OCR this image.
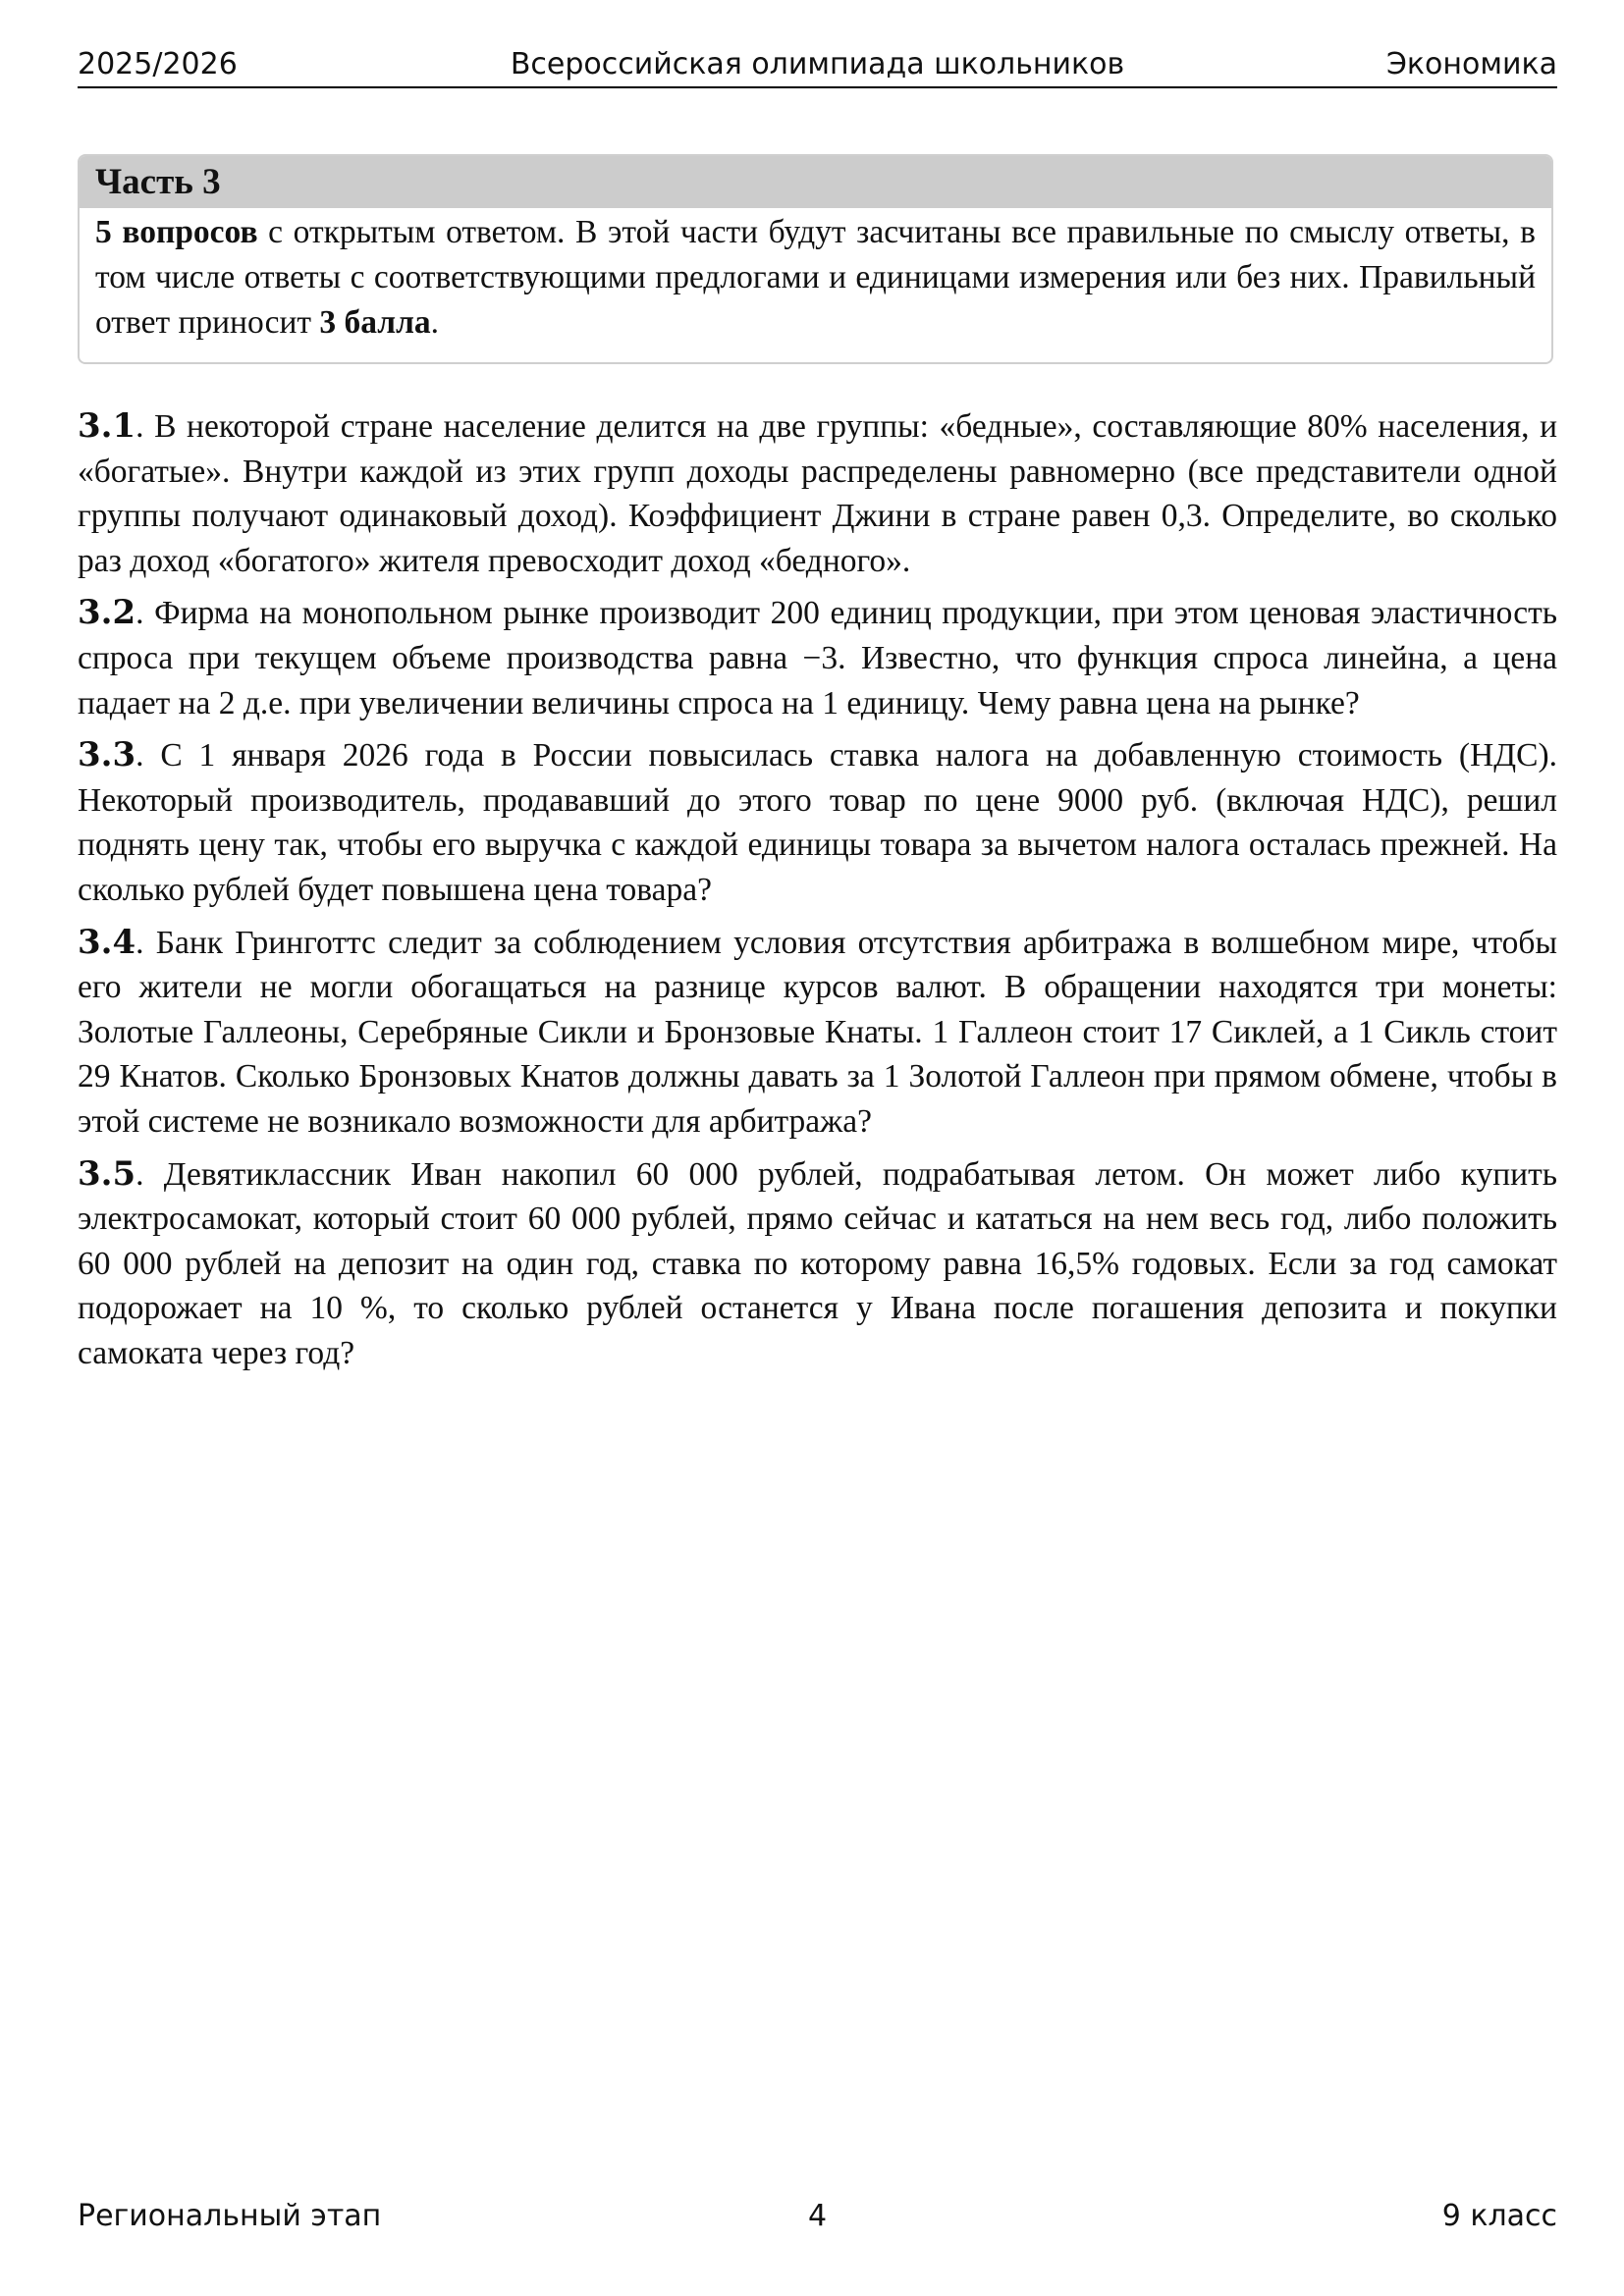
2025/2026	Всероссийская олимпиада школьников	Экономика
Часть 3
5 вопросов с открытым ответом. В этой части будут засчитаны все правильные по смыслу ответы, в том числе ответы с соответствующими предлогами и единицами измерения или без них. Правильный ответ приносит 3 балла.

3.1. В некоторой стране население делится на две группы: «бедные», составляющие 80% населения, и «богатые». Внутри каждой из этих групп доходы распределены равномерно (все представители одной группы получают одинаковый доход). Коэффициент Джини в стране равен 0,3. Определите, во сколько раз доход «богатого» жителя превосходит доход «бедного».

3.2. Фирма на монопольном рынке производит 200 единиц продукции, при этом ценовая эластичность спроса при текущем объеме производства равна −3. Известно, что функция спроса линейна, а цена падает на 2 д.е. при увеличении величины спроса на 1 единицу. Чему равна цена на рынке?

3.3. С 1 января 2026 года в России повысилась ставка налога на добавленную стоимость (НДС). Некоторый производитель, продававший до этого товар по цене 9000 руб. (включая НДС), решил поднять цену так, чтобы его выручка с каждой единицы товара за вычетом налога осталась прежней. На сколько рублей будет повышена цена товара?

3.4. Банк Гринготтс следит за соблюдением условия отсутствия арбитража в волшебном мире, чтобы его жители не могли обогащаться на разнице курсов валют. В обращении находятся три монеты: Золотые Галлеоны, Серебряные Сикли и Бронзовые Кнаты. 1 Галлеон стоит 17 Сиклей, а 1 Сикль стоит 29 Кнатов. Сколько Бронзовых Кнатов должны давать за 1 Золотой Галлеон при прямом обмене, чтобы в этой системе не возникало возможности для арбитража?

3.5. Девятиклассник Иван накопил 60 000 рублей, подрабатывая летом. Он может либо купить электросамокат, который стоит 60 000 рублей, прямо сейчас и кататься на нем весь год, либо положить 60 000 рублей на депозит на один год, ставка по которому равна 16,5% годовых. Если за год самокат подорожает на 10 %, то сколько рублей останется у Ивана после погашения депозита и покупки самоката через год?

Региональный этап	4	9 класс
